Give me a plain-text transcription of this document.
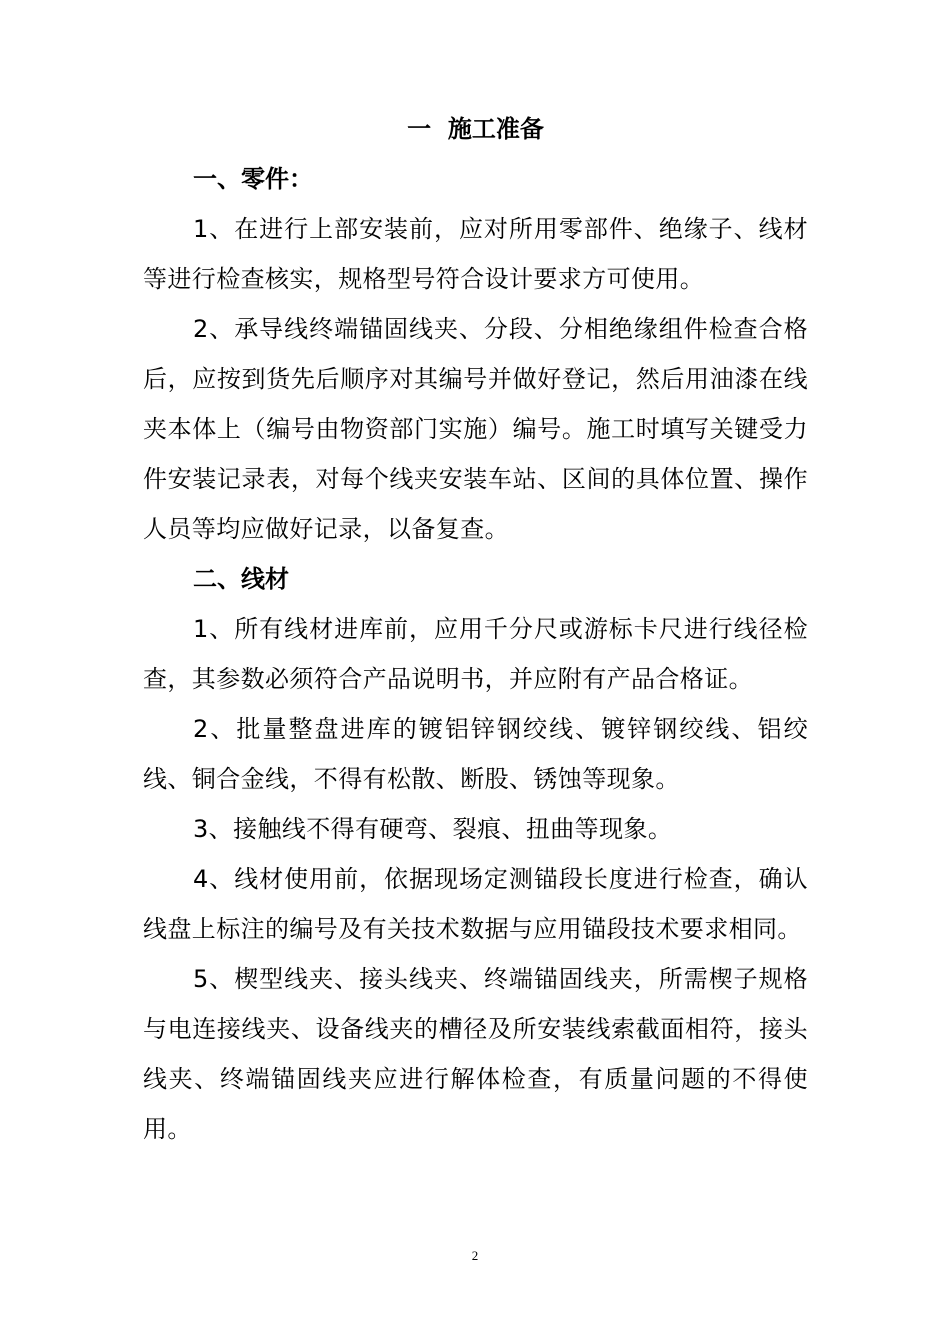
一  施工准备
一、零件：

1、在进行上部安装前，应对所用零部件、绝缘子、线材等进行检查核实，规格型号符合设计要求方可使用。

2、承导线终端锚固线夹、分段、分相绝缘组件检查合格后，应按到货先后顺序对其编号并做好登记，然后用油漆在线夹本体上（编号由物资部门实施）编号。施工时填写关键受力件安装记录表，对每个线夹安装车站、区间的具体位置、操作人员等均应做好记录，以备复查。

二、线材

1、所有线材进库前，应用千分尺或游标卡尺进行线径检查，其参数必须符合产品说明书，并应附有产品合格证。

2、批量整盘进库的镀铝锌钢绞线、镀锌钢绞线、铝绞线、铜合金线，不得有松散、断股、锈蚀等现象。

3、接触线不得有硬弯、裂痕、扭曲等现象。

4、线材使用前，依据现场定测锚段长度进行检查，确认线盘上标注的编号及有关技术数据与应用锚段技术要求相同。

5、楔型线夹、接头线夹、终端锚固线夹，所需楔子规格与电连接线夹、设备线夹的槽径及所安装线索截面相符，接头线夹、终端锚固线夹应进行解体检查，有质量问题的不得使用。

2
